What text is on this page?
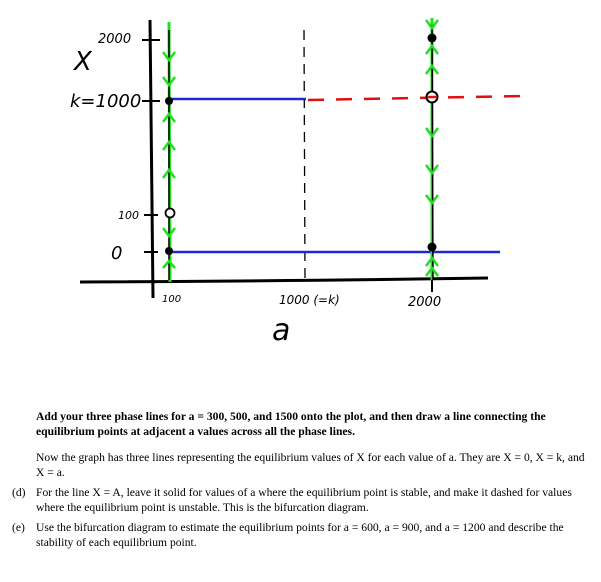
X
2000
k=1000
100
0
100	1000 (=k)	2000
a

Add your three phase lines for a = 300, 500, and 1500 onto the plot, and then draw a line connecting the equilibrium points at adjacent a values across all the phase lines.

Now the graph has three lines representing the equilibrium values of X for each value of a. They are X = 0, X = k, and X = a.

(d) For the line X = A, leave it solid for values of a where the equilibrium point is stable, and make it dashed for values where the equilibrium point is unstable. This is the bifurcation diagram.
(e) Use the bifurcation diagram to estimate the equilibrium points for a = 600, a = 900, and a = 1200 and describe the stability of each equilibrium point.
